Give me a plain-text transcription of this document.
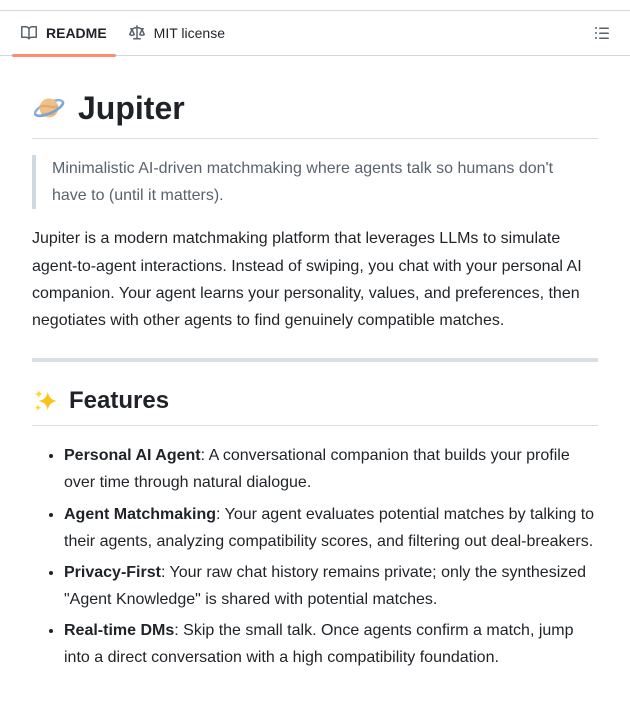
README	MIT license
Jupiter
Minimalistic AI-driven matchmaking where agents talk so humans don't have to (until it matters).

Jupiter is a modern matchmaking platform that leverages LLMs to simulate agent-to-agent interactions. Instead of swiping, you chat with your personal AI companion. Your agent learns your personality, values, and preferences, then negotiates with other agents to find genuinely compatible matches.

Features
• Personal AI Agent: A conversational companion that builds your profile over time through natural dialogue.
• Agent Matchmaking: Your agent evaluates potential matches by talking to their agents, analyzing compatibility scores, and filtering out deal-breakers.
• Privacy-First: Your raw chat history remains private; only the synthesized "Agent Knowledge" is shared with potential matches.
• Real-time DMs: Skip the small talk. Once agents confirm a match, jump into a direct conversation with a high compatibility foundation.
